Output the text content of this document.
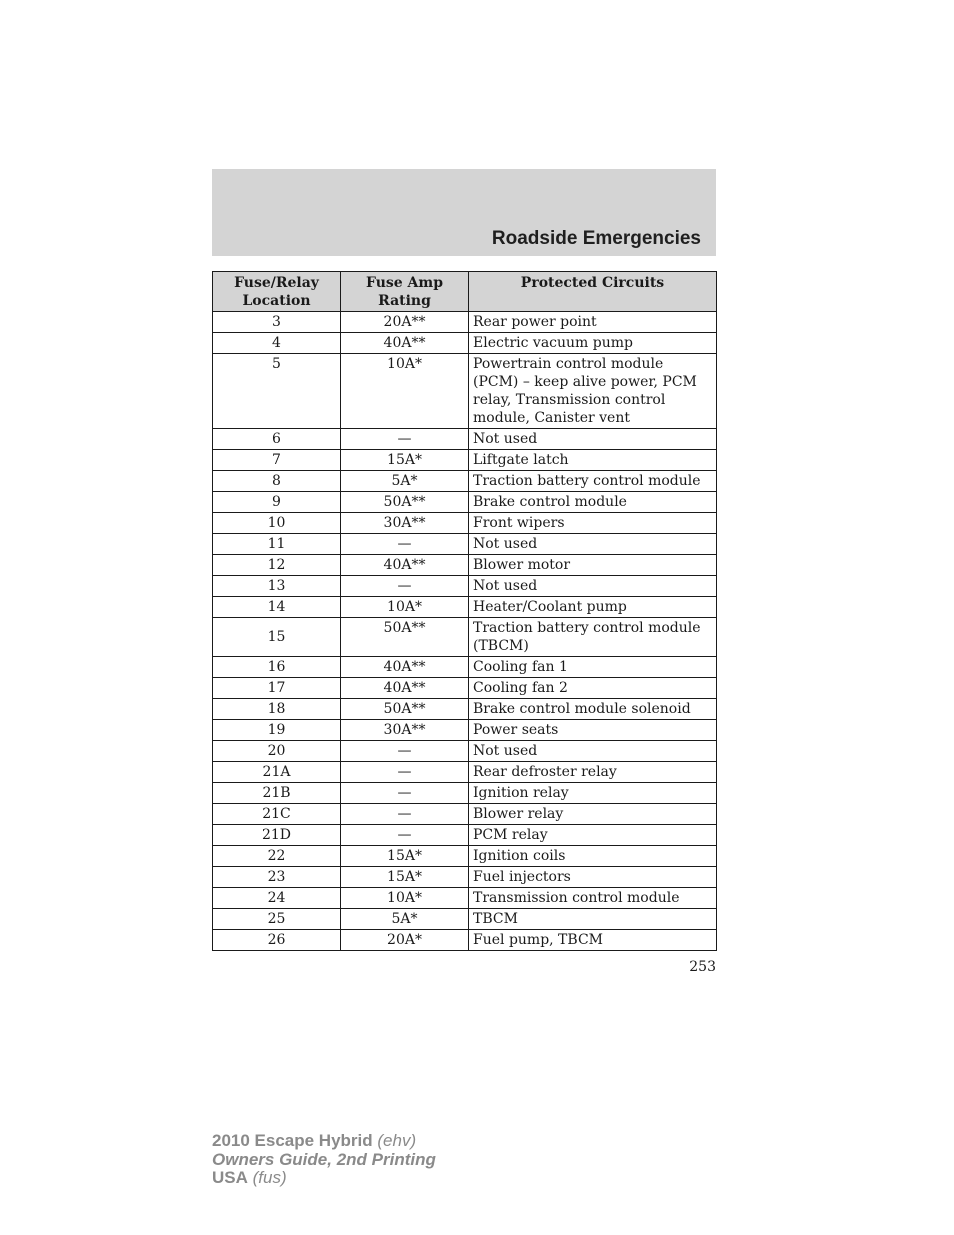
Roadside Emergencies
Fuse/Relay Location	Fuse Amp Rating	Protected Circuits
3	20A**	Rear power point
4	40A**	Electric vacuum pump
5	10A*	Powertrain control module (PCM) – keep alive power, PCM relay, Transmission control module, Canister vent
6	—	Not used
7	15A*	Liftgate latch
8	5A*	Traction battery control module
9	50A**	Brake control module
10	30A**	Front wipers
11	—	Not used
12	40A**	Blower motor
13	—	Not used
14	10A*	Heater/Coolant pump
15	50A**	Traction battery control module (TBCM)
16	40A**	Cooling fan 1
17	40A**	Cooling fan 2
18	50A**	Brake control module solenoid
19	30A**	Power seats
20	—	Not used
21A	—	Rear defroster relay
21B	—	Ignition relay
21C	—	Blower relay
21D	—	PCM relay
22	15A*	Ignition coils
23	15A*	Fuel injectors
24	10A*	Transmission control module
25	5A*	TBCM
26	20A*	Fuel pump, TBCM
253
2010 Escape Hybrid (ehv)
Owners Guide, 2nd Printing
USA (fus)
